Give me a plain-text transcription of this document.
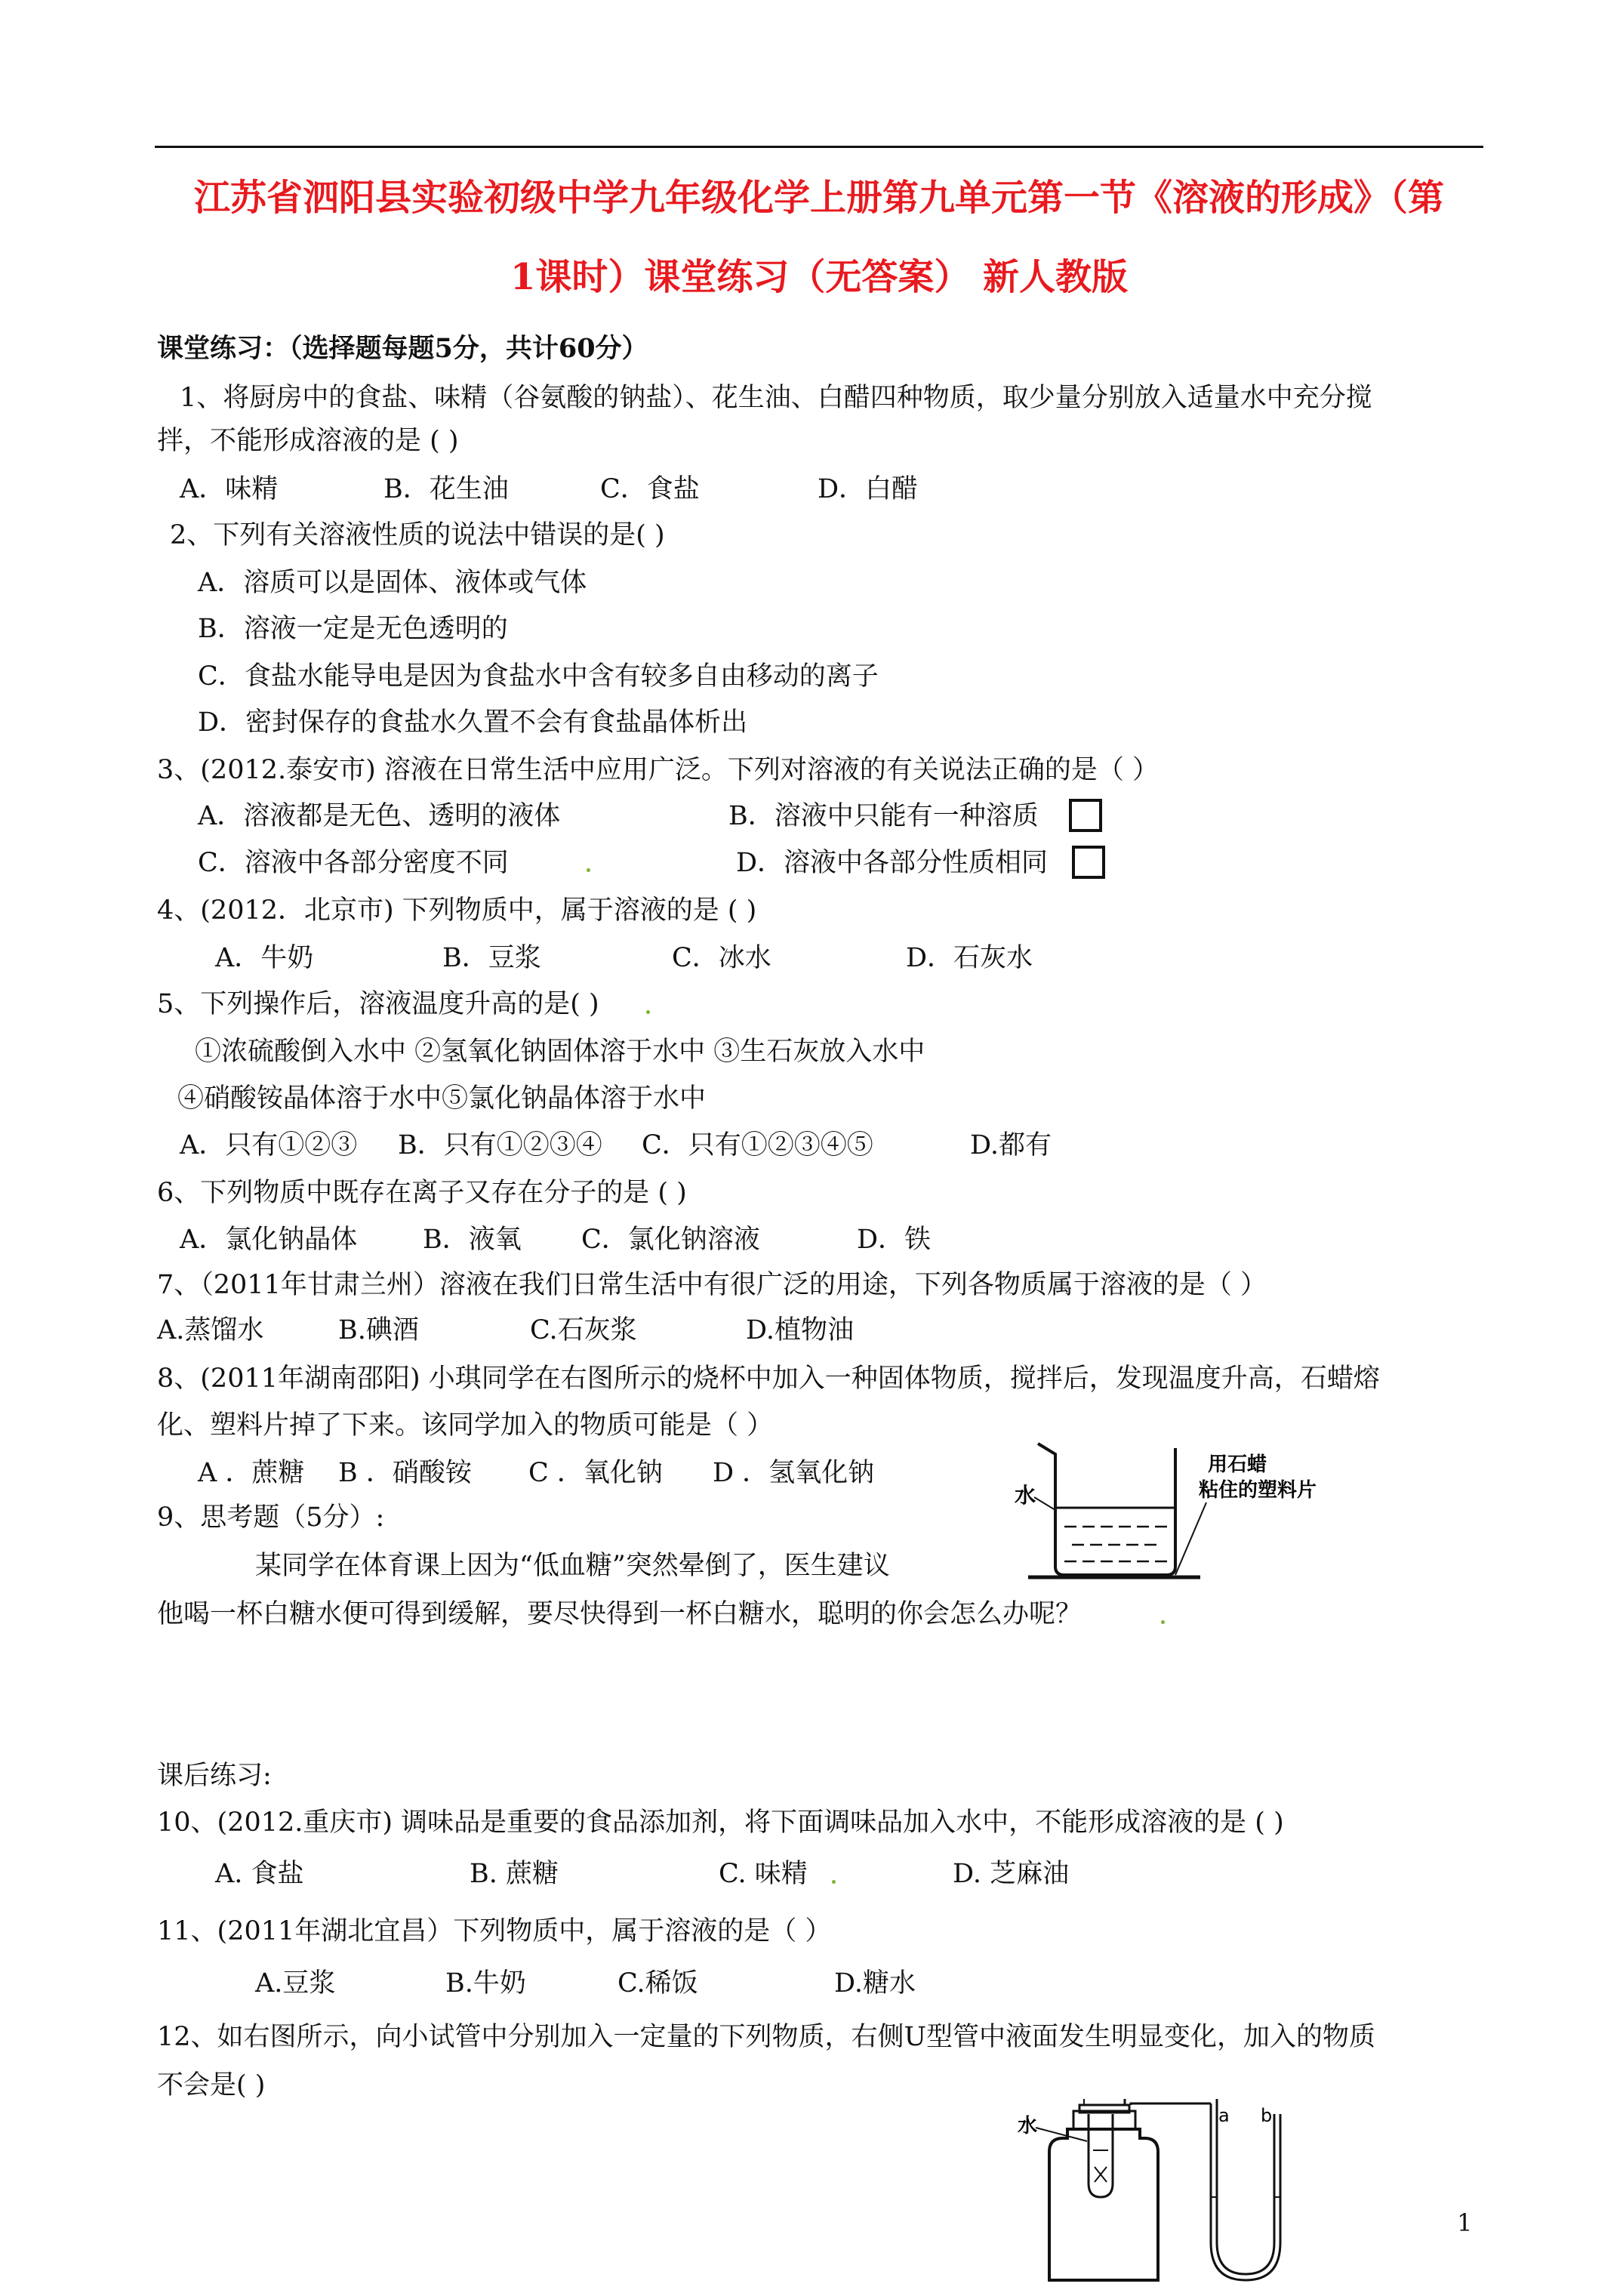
江苏省泗阳县实验初级中学九年级化学上册第九单元第一节《溶液的形成》（第
1课时）课堂练习（无答案） 新人教版
课堂练习：（选择题每题5分，共计60分）
1、将厨房中的食盐、味精（谷氨酸的钠盐）、花生油、白醋四种物质，取少量分别放入适量水中充分搅
拌，不能形成溶液的是 ( )
A．味精	B．花生油	C．食盐	D．白醋
2、下列有关溶液性质的说法中错误的是( )
A．溶质可以是固体、液体或气体
B．溶液一定是无色透明的
C．食盐水能导电是因为食盐水中含有较多自由移动的离子
D．密封保存的食盐水久置不会有食盐晶体析出
3、(2012.泰安市) 溶液在日常生活中应用广泛。下列对溶液的有关说法正确的是（ ）
A．溶液都是无色、透明的液体	B．溶液中只能有一种溶质
C．溶液中各部分密度不同	D．溶液中各部分性质相同
4、(2012．北京市) 下列物质中，属于溶液的是 ( )
A．牛奶	B．豆浆	C．冰水	D．石灰水
5、下列操作后，溶液温度升高的是( )
①浓硫酸倒入水中 ②氢氧化钠固体溶于水中 ③生石灰放入水中
④硝酸铵晶体溶于水中⑤氯化钠晶体溶于水中
A．只有①②③ B．只有①②③④ C．只有①②③④⑤	D.都有
6、下列物质中既存在离子又存在分子的是 ( )
A．氯化钠晶体 B．液氧 C．氯化钠溶液	D．铁
7、（2011年甘肃兰州）溶液在我们日常生活中有很广泛的用途，下列各物质属于溶液的是（ ）
A.蒸馏水	B.碘酒	C.石灰浆	D.植物油
8、(2011年湖南邵阳) 小琪同学在右图所示的烧杯中加入一种固体物质，搅拌后，发现温度升高，石蜡熔
化、塑料片掉了下来。该同学加入的物质可能是（ ）
A ．蔗糖 B ．硝酸铵 C ．氧化钠 D ．氢氧化钠
水
用石蜡
粘住的塑料片
9、思考题（5分）:
某同学在体育课上因为“低血糖”突然晕倒了，医生建议
他喝一杯白糖水便可得到缓解，要尽快得到一杯白糖水，聪明的你会怎么办呢？
课后练习:
10、(2012.重庆市) 调味品是重要的食品添加剂，将下面调味品加入水中，不能形成溶液的是 ( )
A. 食盐	B. 蔗糖	C. 味精	D. 芝麻油
11、(2011年湖北宜昌）下列物质中，属于溶液的是（ ）
A.豆浆	B.牛奶	C.稀饭	D.糖水
12、如右图所示，向小试管中分别加入一定量的下列物质，右侧U型管中液面发生明显变化，加入的物质
不会是( )
水	a b
1
